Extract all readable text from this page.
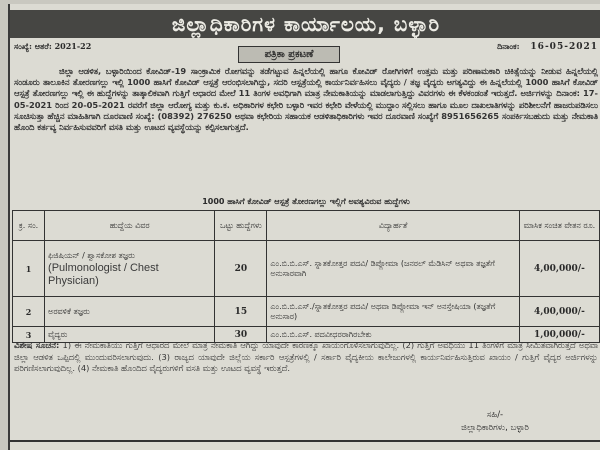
ಜಿಲ್ಲಾಧಿಕಾರಿಗಳ ಕಾರ್ಯಾಲಯ, ಬಳ್ಳಾರಿ
ಸಂಖ್ಯೆ: ಆತರೆ: 2021-22	ದಿನಾಂಕ: 16-05-2021
ಪತ್ರಿಕಾ ಪ್ರಕಟಣೆ

ಜಿಲ್ಲಾ ಆಡಳಿತ, ಬಳ್ಳಾರಿಯಿಂದ ಕೋವಿಡ್-19 ಸಾಂಕ್ರಾಮಿಕ ರೋಗವನ್ನು ತಡೆಗಟ್ಟುವ ಹಿನ್ನಲೆಯಲ್ಲಿ ಹಾಗೂ ಕೋವಿಡ್ ರೋಗಿಗಳಿಗೆ ಉತ್ತಮ ಮತ್ತು ಪರಿಣಾಮಕಾರಿ ಚಿಕಿತ್ಸೆಯನ್ನು ನೀಡುವ ಹಿನ್ನಲೆಯಲ್ಲಿ ಸಂಡೂರು ತಾಲೂಕಿನ ತೋರಣಗಲ್ಲು ಇಲ್ಲಿ 1000 ಹಾಸಿಗೆ ಕೋವಿಡ್ ಆಸ್ಪತ್ರೆ ಆರಂಭಿಸಲಾಗಿದ್ದು, ಸದರಿ ಆಸ್ಪತ್ರೆಯಲ್ಲಿ ಕಾರ್ಯನಿರ್ವಹಿಸಲು ವೈದ್ಯರು / ತಜ್ಞ ವೈದ್ಯರು ಅಗತ್ಯವಿದ್ದು ಈ ಹಿನ್ನಲೆಯಲ್ಲಿ 1000 ಹಾಸಿಗೆ ಕೋವಿಡ್ ಆಸ್ಪತ್ರೆ ತೋರಣಗಲ್ಲು ಇಲ್ಲಿ ಈ ಹುದ್ದೆಗಳನ್ನು ತಾತ್ಕಾಲಿಕವಾಗಿ ಗುತ್ತಿಗೆ ಆಧಾರದ ಮೇಲೆ 11 ತಿಂಗಳ ಅವಧಿಗಾಗಿ ಮಾತ್ರ ನೇಮಕಾತಿಯನ್ನು ಮಾಡಲಾಗುತ್ತಿದ್ದು ವಿವರಗಳು ಈ ಕೆಳಕಂಡಂತೆ ಇರುತ್ತದೆ. ಅರ್ಜಿಗಳನ್ನು ದಿನಾಂಕ: 17-05-2021 ರಿಂದ 20-05-2021 ರವರೆಗೆ ಜಿಲ್ಲಾ ಆರೋಗ್ಯ ಮತ್ತು ಕು.ಕ. ಅಧಿಕಾರಿಗಳ ಕಛೇರಿ ಬಳ್ಳಾರಿ ಇವರ ಕಛೇರಿ ವೇಳೆಯಲ್ಲಿ ಮುದ್ದಾಂ ಸಲ್ಲಿಸಲು ಹಾಗೂ ಮೂಲ ದಾಖಲಾತಿಗಳನ್ನು ಪರಿಶೀಲನೆಗೆ ಹಾಜರುಪಡಿಸಲು ಸೂಚಿಸುತ್ತಾ ಹೆಚ್ಚಿನ ಮಾಹಿತಿಗಾಗಿ ದೂರವಾಣಿ ಸಂಖ್ಯೆ: (08392) 276250 ಅಥವಾ ಕಛೇರಿಯ ಸಹಾಯಕ ಆಡಳಿತಾಧಿಕಾರಿಗಳು ಇವರ ದೂರವಾಣಿ ಸಂಖ್ಯೆಗೆ 8951656265 ಸಂಪರ್ಕಿಸಬಹುದು ಮತ್ತು ನೇಮಕಾತಿ ಹೊಂದಿ ಕರ್ತವ್ಯ ನಿರ್ವಹಿಸುವವರಿಗೆ ವಸತಿ ಮತ್ತು ಊಟದ ವ್ಯವಸ್ಥೆಯನ್ನು ಕಲ್ಪಿಸಲಾಗುತ್ತದೆ.

1000 ಹಾಸಿಗೆ ಕೋವಿಡ್ ಆಸ್ಪತ್ರೆ ತೋರಣಗಲ್ಲು ಇಲ್ಲಿಗೆ ಅವಶ್ಯವಿರುವ ಹುದ್ದೆಗಳು
ಕ್ರ. ಸಂ.	ಹುದ್ದೆಯ ವಿವರ	ಒಟ್ಟು ಹುದ್ದೆಗಳು	ವಿದ್ಯಾರ್ಹತೆ	ಮಾಸಿಕ ಸಂಚಿತ ವೇತನ ರೂ.
1	ಫಿಜಿಷಿಯನ್ / ಶ್ವಾಸಕೋಶ ತಜ್ಞರು
(Pulmonologist / Chest Physician)	20	ಎಂ.ಬಿ.ಬಿ.ಎಸ್. ಸ್ನಾತಕೋತ್ತರ ಪದವಿ/ ಡಿಪ್ಲೋಮಾ (ಜನರಲ್ ಮೆಡಿಸಿನ್ ಅಥವಾ ತಜ್ಞತೆಗೆ ಅನುಸಾರವಾಗಿ	4,00,000/-
2	ಅರವಳಿಕೆ ತಜ್ಞರು	15	ಎಂ.ಬಿ.ಬಿ.ಎಸ್./ಸ್ನಾತಕೋತ್ತರ ಪದವಿ/ ಅಥವಾ ಡಿಪ್ಲೋಮಾ ಇನ್ ಅನಸ್ತೇಷಿಯಾ (ತಜ್ಞತೆಗೆ ಅನುಸಾರ)	4,00,000/-
3	ವೈದ್ಯರು	30	ಎಂ.ಬಿ.ಬಿ.ಎಸ್. ಪದವೀಧರರಾಗಿರಬೇಕು	1,00,000/-

ವಿಶೇಷ ಸೂಚನೆ: 1) ಈ ನೇಮಕಾತಿಯು ಗುತ್ತಿಗೆ ಆಧಾರದ ಮೇಲೆ ಮಾತ್ರ ನೇಮಕಾತಿ ಆಗಿದ್ದು ಯಾವುದೇ ಕಾರಣಕ್ಕೂ ಖಾಯಂಗೊಳಿಸಲಾಗುವುದಿಲ್ಲ. (2) ಗುತ್ತಿಗೆ ಅವಧಿಯು 11 ತಿಂಗಳಿಗೆ ಮಾತ್ರ ಸೀಮಿತವಾಗಿರುತ್ತದೆ ಅಥವಾ ಜಿಲ್ಲಾ ಆಡಳಿತ ಒಪ್ಪಿದಲ್ಲಿ ಮುಂದುವರಿಸಲಾಗುವುದು. (3) ರಾಜ್ಯದ ಯಾವುದೇ ಜಿಲ್ಲೆಯ ಸರ್ಕಾರಿ ಆಸ್ಪತ್ರೆಗಳಲ್ಲಿ / ಸರ್ಕಾರಿ ವೈದ್ಯಕೀಯ ಕಾಲೇಜುಗಳಲ್ಲಿ ಕಾರ್ಯನಿರ್ವಹಿಸುತ್ತಿರುವ ಖಾಯಂ / ಗುತ್ತಿಗೆ ವೈದ್ಯರ ಅರ್ಜಿಗಳನ್ನು ಪರಿಗಣಿಸಲಾಗುವುದಿಲ್ಲ. (4) ನೇಮಕಾತಿ ಹೊಂದಿದ ವೈದ್ಯರುಗಳಿಗೆ ವಸತಿ ಮತ್ತು ಊಟದ ವ್ಯವಸ್ಥೆ ಇರುತ್ತದೆ.

ಸಹಿ/-
ಜಿಲ್ಲಾಧಿಕಾರಿಗಳು, ಬಳ್ಳಾರಿ
